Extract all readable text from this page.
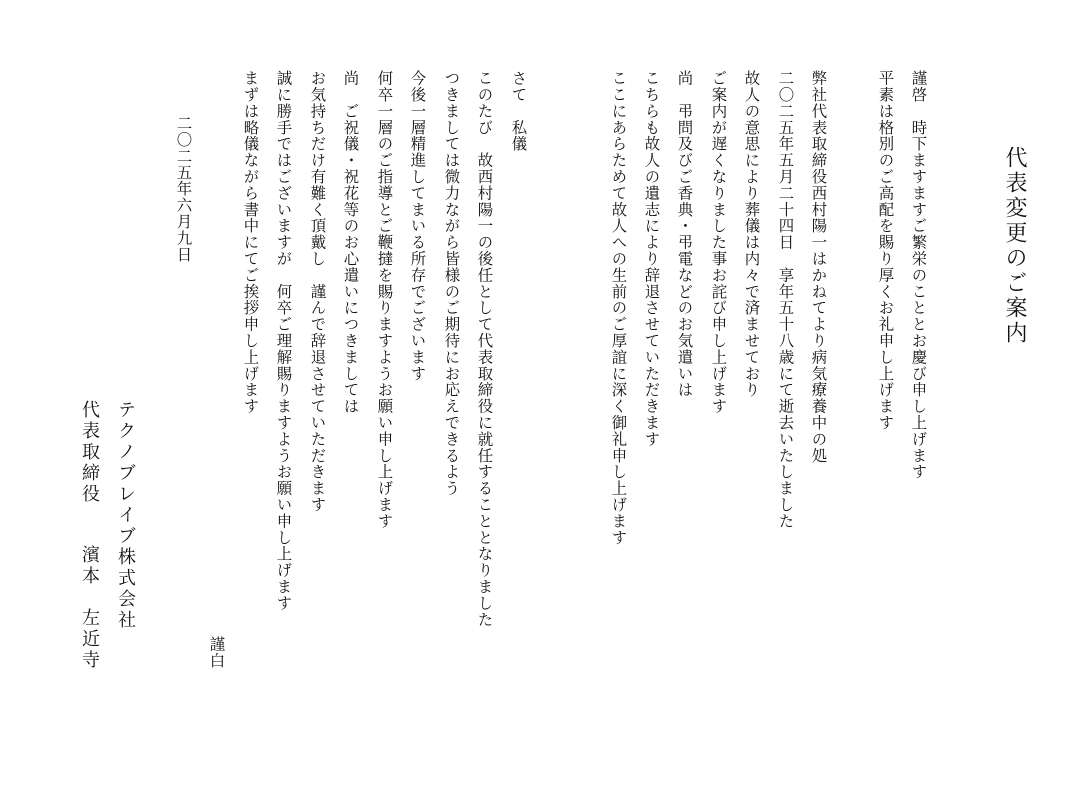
代表変更のご案内
謹啓　時下ますますご繁栄のこととお慶び申し上げます
平素は格別のご高配を賜り厚くお礼申し上げます
弊社代表取締役西村陽一はかねてより病気療養中の処
二〇二五年五月二十四日　享年五十八歳にて逝去いたしました
故人の意思により葬儀は内々で済ませており
ご案内が遅くなりました事お詫び申し上げます
尚　弔問及びご香典・弔電などのお気遣いは
こちらも故人の遺志により辞退させていただきます
ここにあらためて故人への生前のご厚誼に深く御礼申し上げます
さて　私儀
このたび　故西村陽一の後任として代表取締役に就任することとなりました
つきましては微力ながら皆様のご期待にお応えできるよう
今後一層精進してまいる所存でございます
何卒一層のご指導とご鞭撻を賜りますようお願い申し上げます
尚　ご祝儀・祝花等のお心遣いにつきましては
お気持ちだけ有難く頂戴し　謹んで辞退させていただきます
誠に勝手ではございますが　何卒ご理解賜りますようお願い申し上げます
まずは略儀ながら書中にてご挨拶申し上げます
謹白
二〇二五年六月九日
テクノブレイブ株式会社
代表取締役
濱本　左近寺
